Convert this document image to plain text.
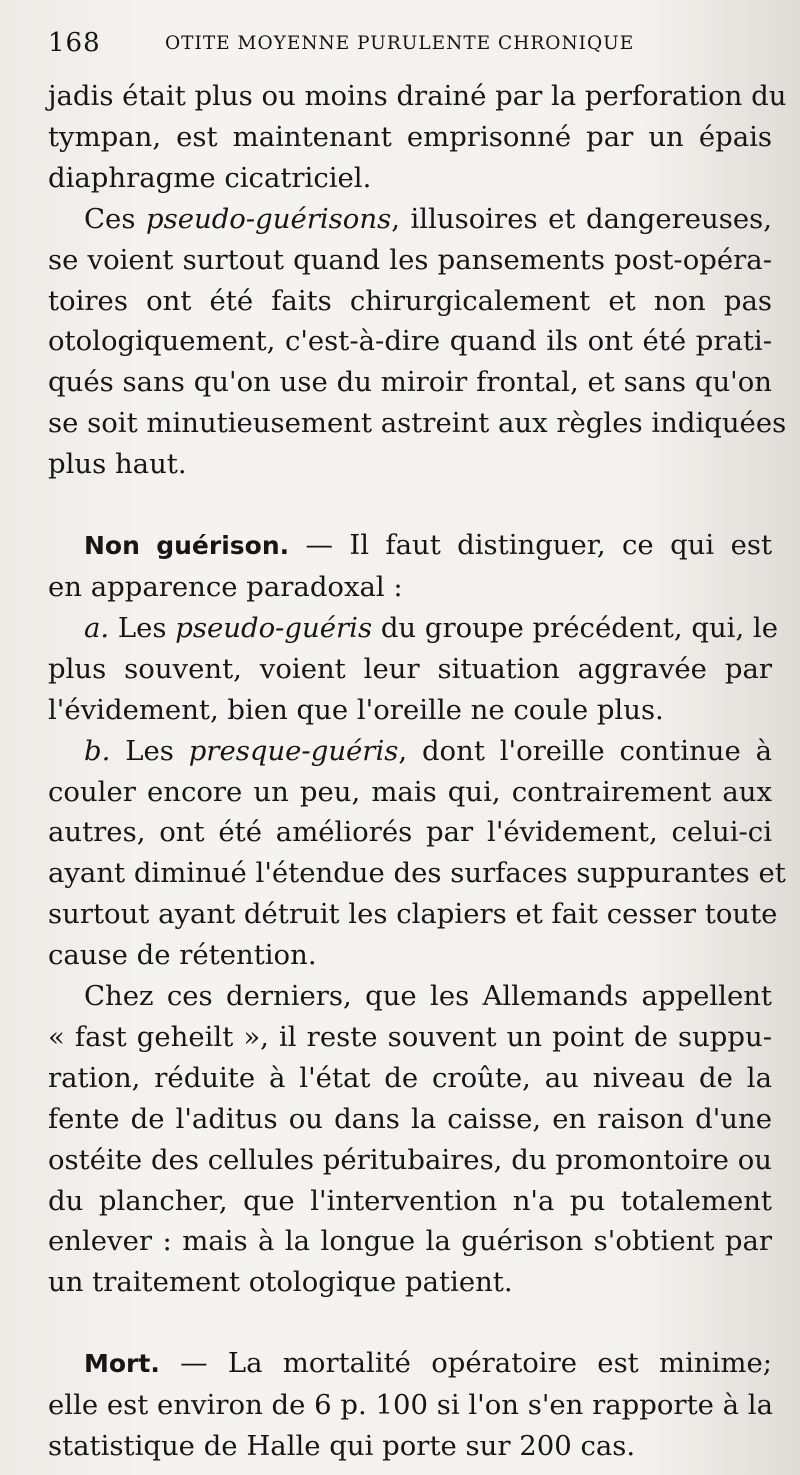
168	OTITE MOYENNE PURULENTE CHRONIQUE
jadis était plus ou moins drainé par la perforation du
tympan, est maintenant emprisonné par un épais
diaphragme cicatriciel.
Ces pseudo-guérisons, illusoires et dangereuses,
se voient surtout quand les pansements post-opéra-
toires ont été faits chirurgicalement et non pas
otologiquement, c'est-à-dire quand ils ont été prati-
qués sans qu'on use du miroir frontal, et sans qu'on
se soit minutieusement astreint aux règles indiquées
plus haut.
Non guérison. — Il faut distinguer, ce qui est
en apparence paradoxal :
a. Les pseudo-guéris du groupe précédent, qui, le
plus souvent, voient leur situation aggravée par
l'évidement, bien que l'oreille ne coule plus.
b. Les presque-guéris, dont l'oreille continue à
couler encore un peu, mais qui, contrairement aux
autres, ont été améliorés par l'évidement, celui-ci
ayant diminué l'étendue des surfaces suppurantes et
surtout ayant détruit les clapiers et fait cesser toute
cause de rétention.
Chez ces derniers, que les Allemands appellent
« fast geheilt », il reste souvent un point de suppu-
ration, réduite à l'état de croûte, au niveau de la
fente de l'aditus ou dans la caisse, en raison d'une
ostéite des cellules péritubaires, du promontoire ou
du plancher, que l'intervention n'a pu totalement
enlever : mais à la longue la guérison s'obtient par
un traitement otologique patient.
Mort. — La mortalité opératoire est minime;
elle est environ de 6 p. 100 si l'on s'en rapporte à la
statistique de Halle qui porte sur 200 cas.
